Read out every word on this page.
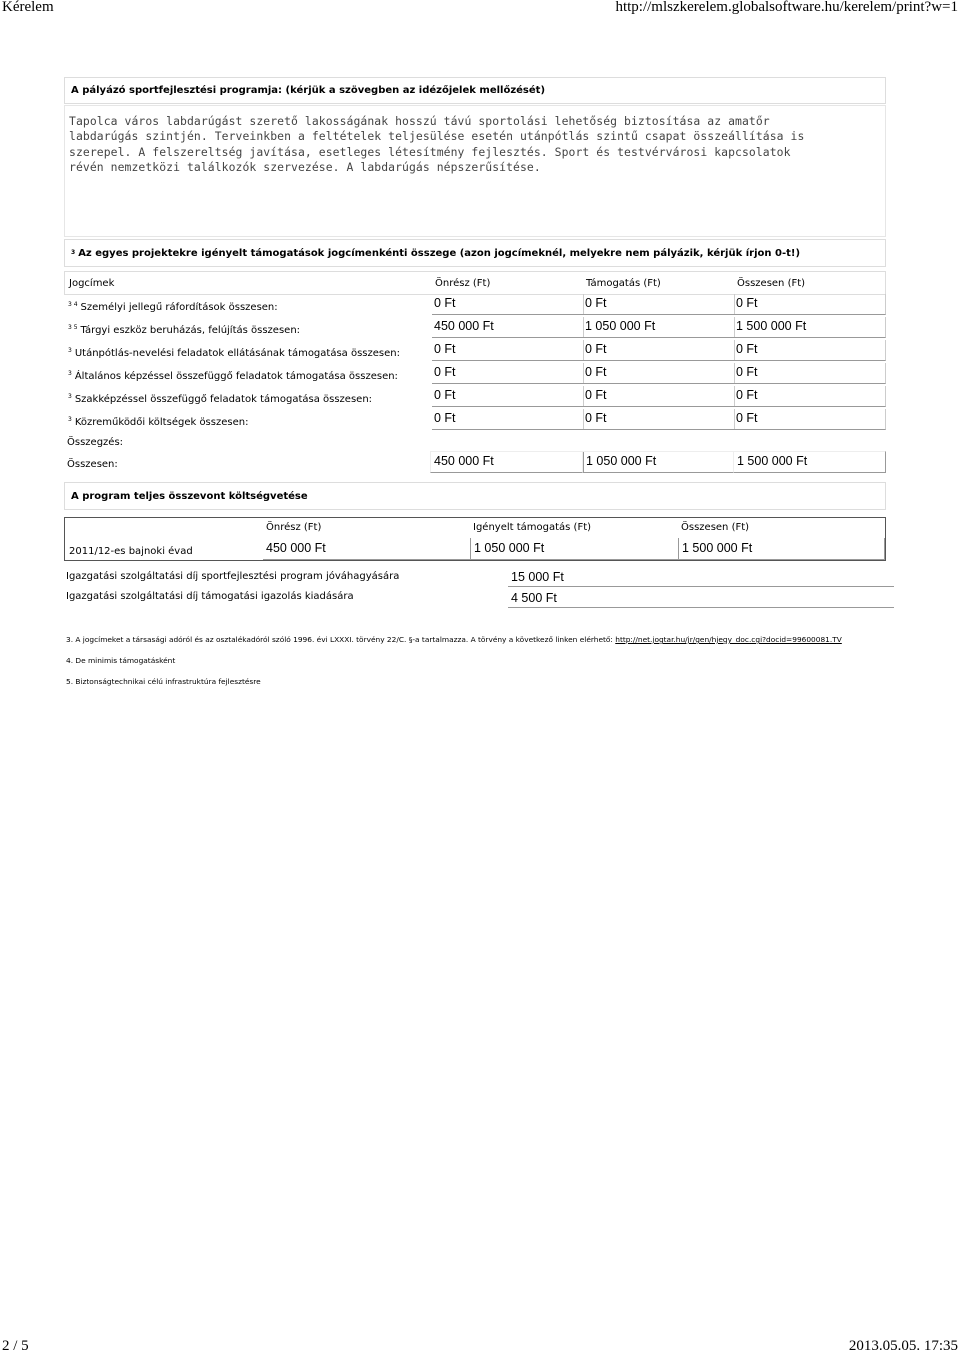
Kérelem	http://mlszkerelem.globalsoftware.hu/kerelem/print?w=1
A pályázó sportfejlesztési programja: (kérjük a szövegben az idézőjelek mellőzését)
Tapolca város labdarúgást szerető lakosságának hosszú távú sportolási lehetőség biztosítása az amatőr
labdarúgás szintjén. Terveinkben a feltételek teljesülése esetén utánpótlás szintű csapat összeállítása is
szerepel. A felszereltség javítása, esetleges létesítmény fejlesztés. Sport és testvérvárosi kapcsolatok
révén nemzetközi találkozók szervezése. A labdarúgás népszerűsítése.
3 Az egyes projektekre igényelt támogatások jogcímenkénti összege (azon jogcímeknél, melyekre nem pályázik, kérjük írjon 0-t!)
Jogcímek	Önrész (Ft)	Támogatás (Ft)	Összesen (Ft)
$^{3 4}$ Személyi jellegű ráfordítások összesen:	0 Ft	0 Ft	0 Ft
$^{3 5}$ Tárgyi eszköz beruházás, felújítás összesen:	450 000 Ft	1 050 000 Ft	1 500 000 Ft
$^3$ Utánpótlás-nevelési feladatok ellátásának támogatása összesen:	0 Ft	0 Ft	0 Ft
$^3$ Általános képzéssel összefüggő feladatok támogatása összesen:	0 Ft	0 Ft	0 Ft
$^3$ Szakképzéssel összefüggő feladatok támogatása összesen:	0 Ft	0 Ft	0 Ft
$^3$ Közreműködői költségek összesen:	0 Ft	0 Ft	0 Ft
Összegzés:
Összesen:	450 000 Ft	1 050 000 Ft	1 500 000 Ft
A program teljes összevont költségvetése
Önrész (Ft)	Igényelt támogatás (Ft)	Összesen (Ft)
2011/12-es bajnoki évad	450 000 Ft	1 050 000 Ft	1 500 000 Ft
Igazgatási szolgáltatási díj sportfejlesztési program jóváhagyására	15 000 Ft
Igazgatási szolgáltatási díj támogatási igazolás kiadására	4 500 Ft
3. A jogcímeket a társasági adóról és az osztalékadóról szóló 1996. évi LXXXI. törvény 22/C. §-a tartalmazza. A törvény a következő linken elérhető: http://net.jogtar.hu/jr/gen/hjegy_doc.cgi?docid=99600081.TV
4. De minimis támogatásként
5. Biztonságtechnikai célú infrastruktúra fejlesztésre
2 / 5	2013.05.05. 17:35
